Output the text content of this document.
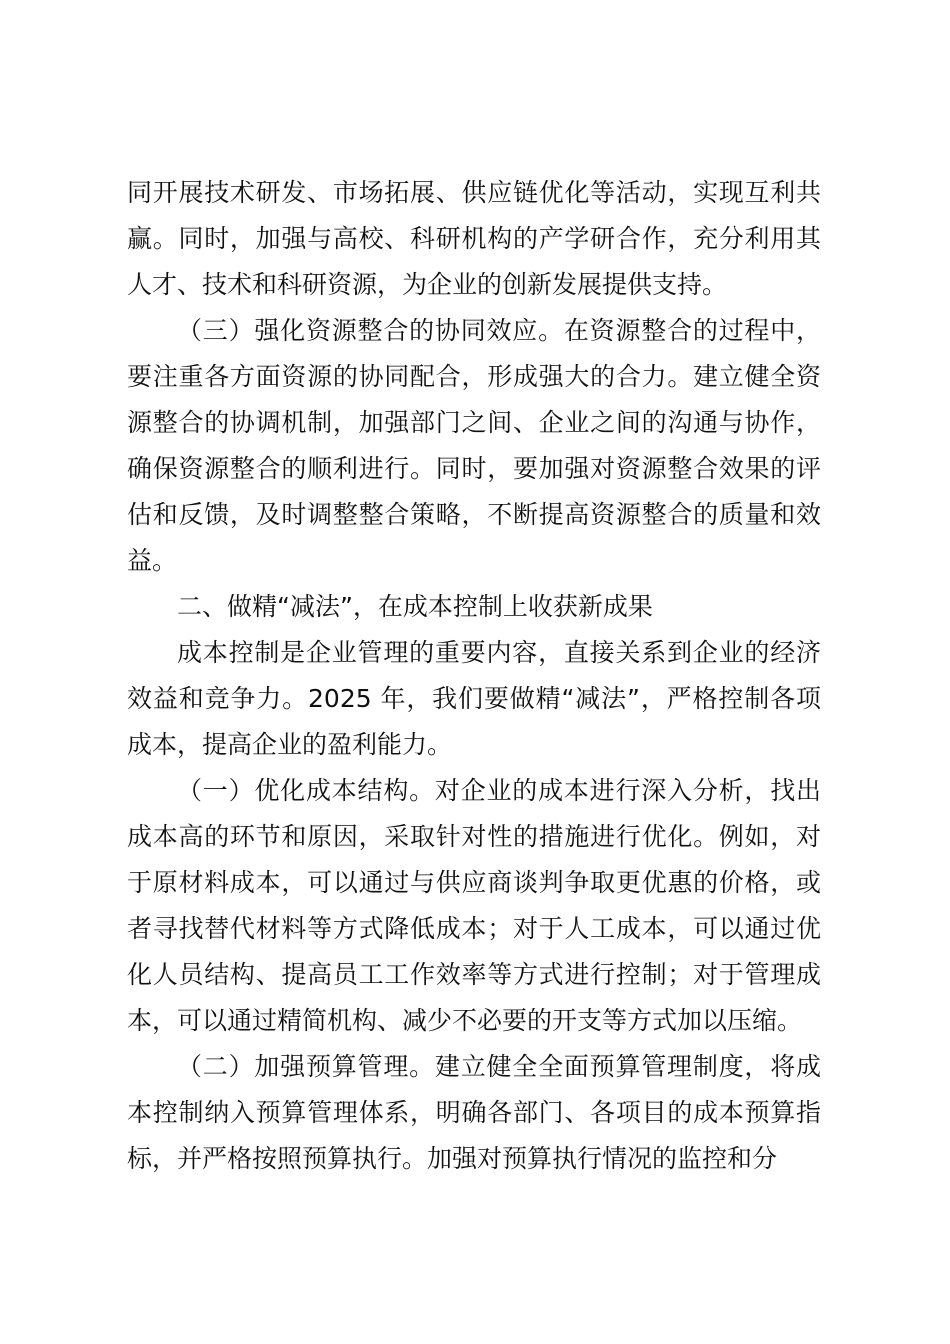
同开展技术研发、市场拓展、供应链优化等活动，实现互利共赢。同时，加强与高校、科研机构的产学研合作，充分利用其人才、技术和科研资源，为企业的创新发展提供支持。

（三）强化资源整合的协同效应。在资源整合的过程中，要注重各方面资源的协同配合，形成强大的合力。建立健全资源整合的协调机制，加强部门之间、企业之间的沟通与协作，确保资源整合的顺利进行。同时，要加强对资源整合效果的评估和反馈，及时调整整合策略，不断提高资源整合的质量和效益。

二、做精“减法”，在成本控制上收获新成果

成本控制是企业管理的重要内容，直接关系到企业的经济效益和竞争力。2025 年，我们要做精“减法”，严格控制各项成本，提高企业的盈利能力。

（一）优化成本结构。对企业的成本进行深入分析，找出成本高的环节和原因，采取针对性的措施进行优化。例如，对于原材料成本，可以通过与供应商谈判争取更优惠的价格，或者寻找替代材料等方式降低成本；对于人工成本，可以通过优化人员结构、提高员工工作效率等方式进行控制；对于管理成本，可以通过精简机构、减少不必要的开支等方式加以压缩。

（二）加强预算管理。建立健全全面预算管理制度，将成本控制纳入预算管理体系，明确各部门、各项目的成本预算指标，并严格按照预算执行。加强对预算执行情况的监控和分
